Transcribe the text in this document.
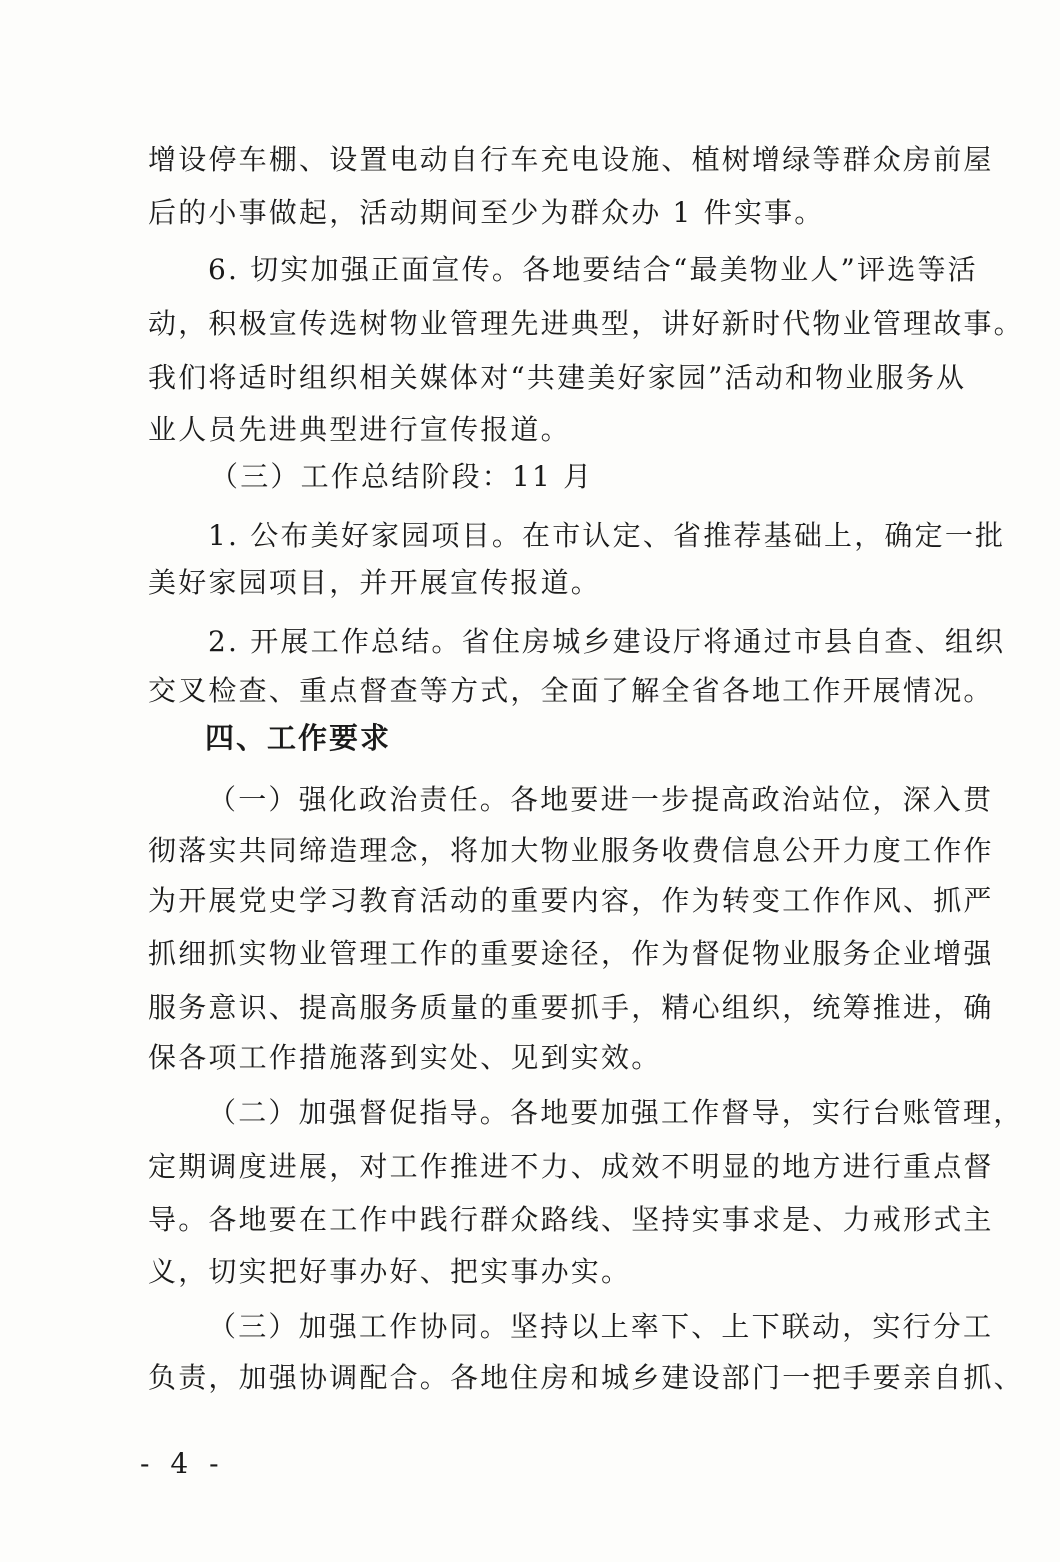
增设停车棚、设置电动自行车充电设施、植树增绿等群众房前屋
后的小事做起，活动期间至少为群众办 1 件实事。
6. 切实加强正面宣传。各地要结合“最美物业人”评选等活
动，积极宣传选树物业管理先进典型，讲好新时代物业管理故事。
我们将适时组织相关媒体对“共建美好家园”活动和物业服务从
业人员先进典型进行宣传报道。
（三）工作总结阶段：11 月
1. 公布美好家园项目。在市认定、省推荐基础上，确定一批
美好家园项目，并开展宣传报道。
2. 开展工作总结。省住房城乡建设厅将通过市县自查、组织
交叉检查、重点督查等方式，全面了解全省各地工作开展情况。
四、工作要求
（一）强化政治责任。各地要进一步提高政治站位，深入贯
彻落实共同缔造理念，将加大物业服务收费信息公开力度工作作
为开展党史学习教育活动的重要内容，作为转变工作作风、抓严
抓细抓实物业管理工作的重要途径，作为督促物业服务企业增强
服务意识、提高服务质量的重要抓手，精心组织，统筹推进，确
保各项工作措施落到实处、见到实效。
（二）加强督促指导。各地要加强工作督导，实行台账管理，
定期调度进展，对工作推进不力、成效不明显的地方进行重点督
导。各地要在工作中践行群众路线、坚持实事求是、力戒形式主
义，切实把好事办好、把实事办实。
（三）加强工作协同。坚持以上率下、上下联动，实行分工
负责，加强协调配合。各地住房和城乡建设部门一把手要亲自抓、
- 4 -
